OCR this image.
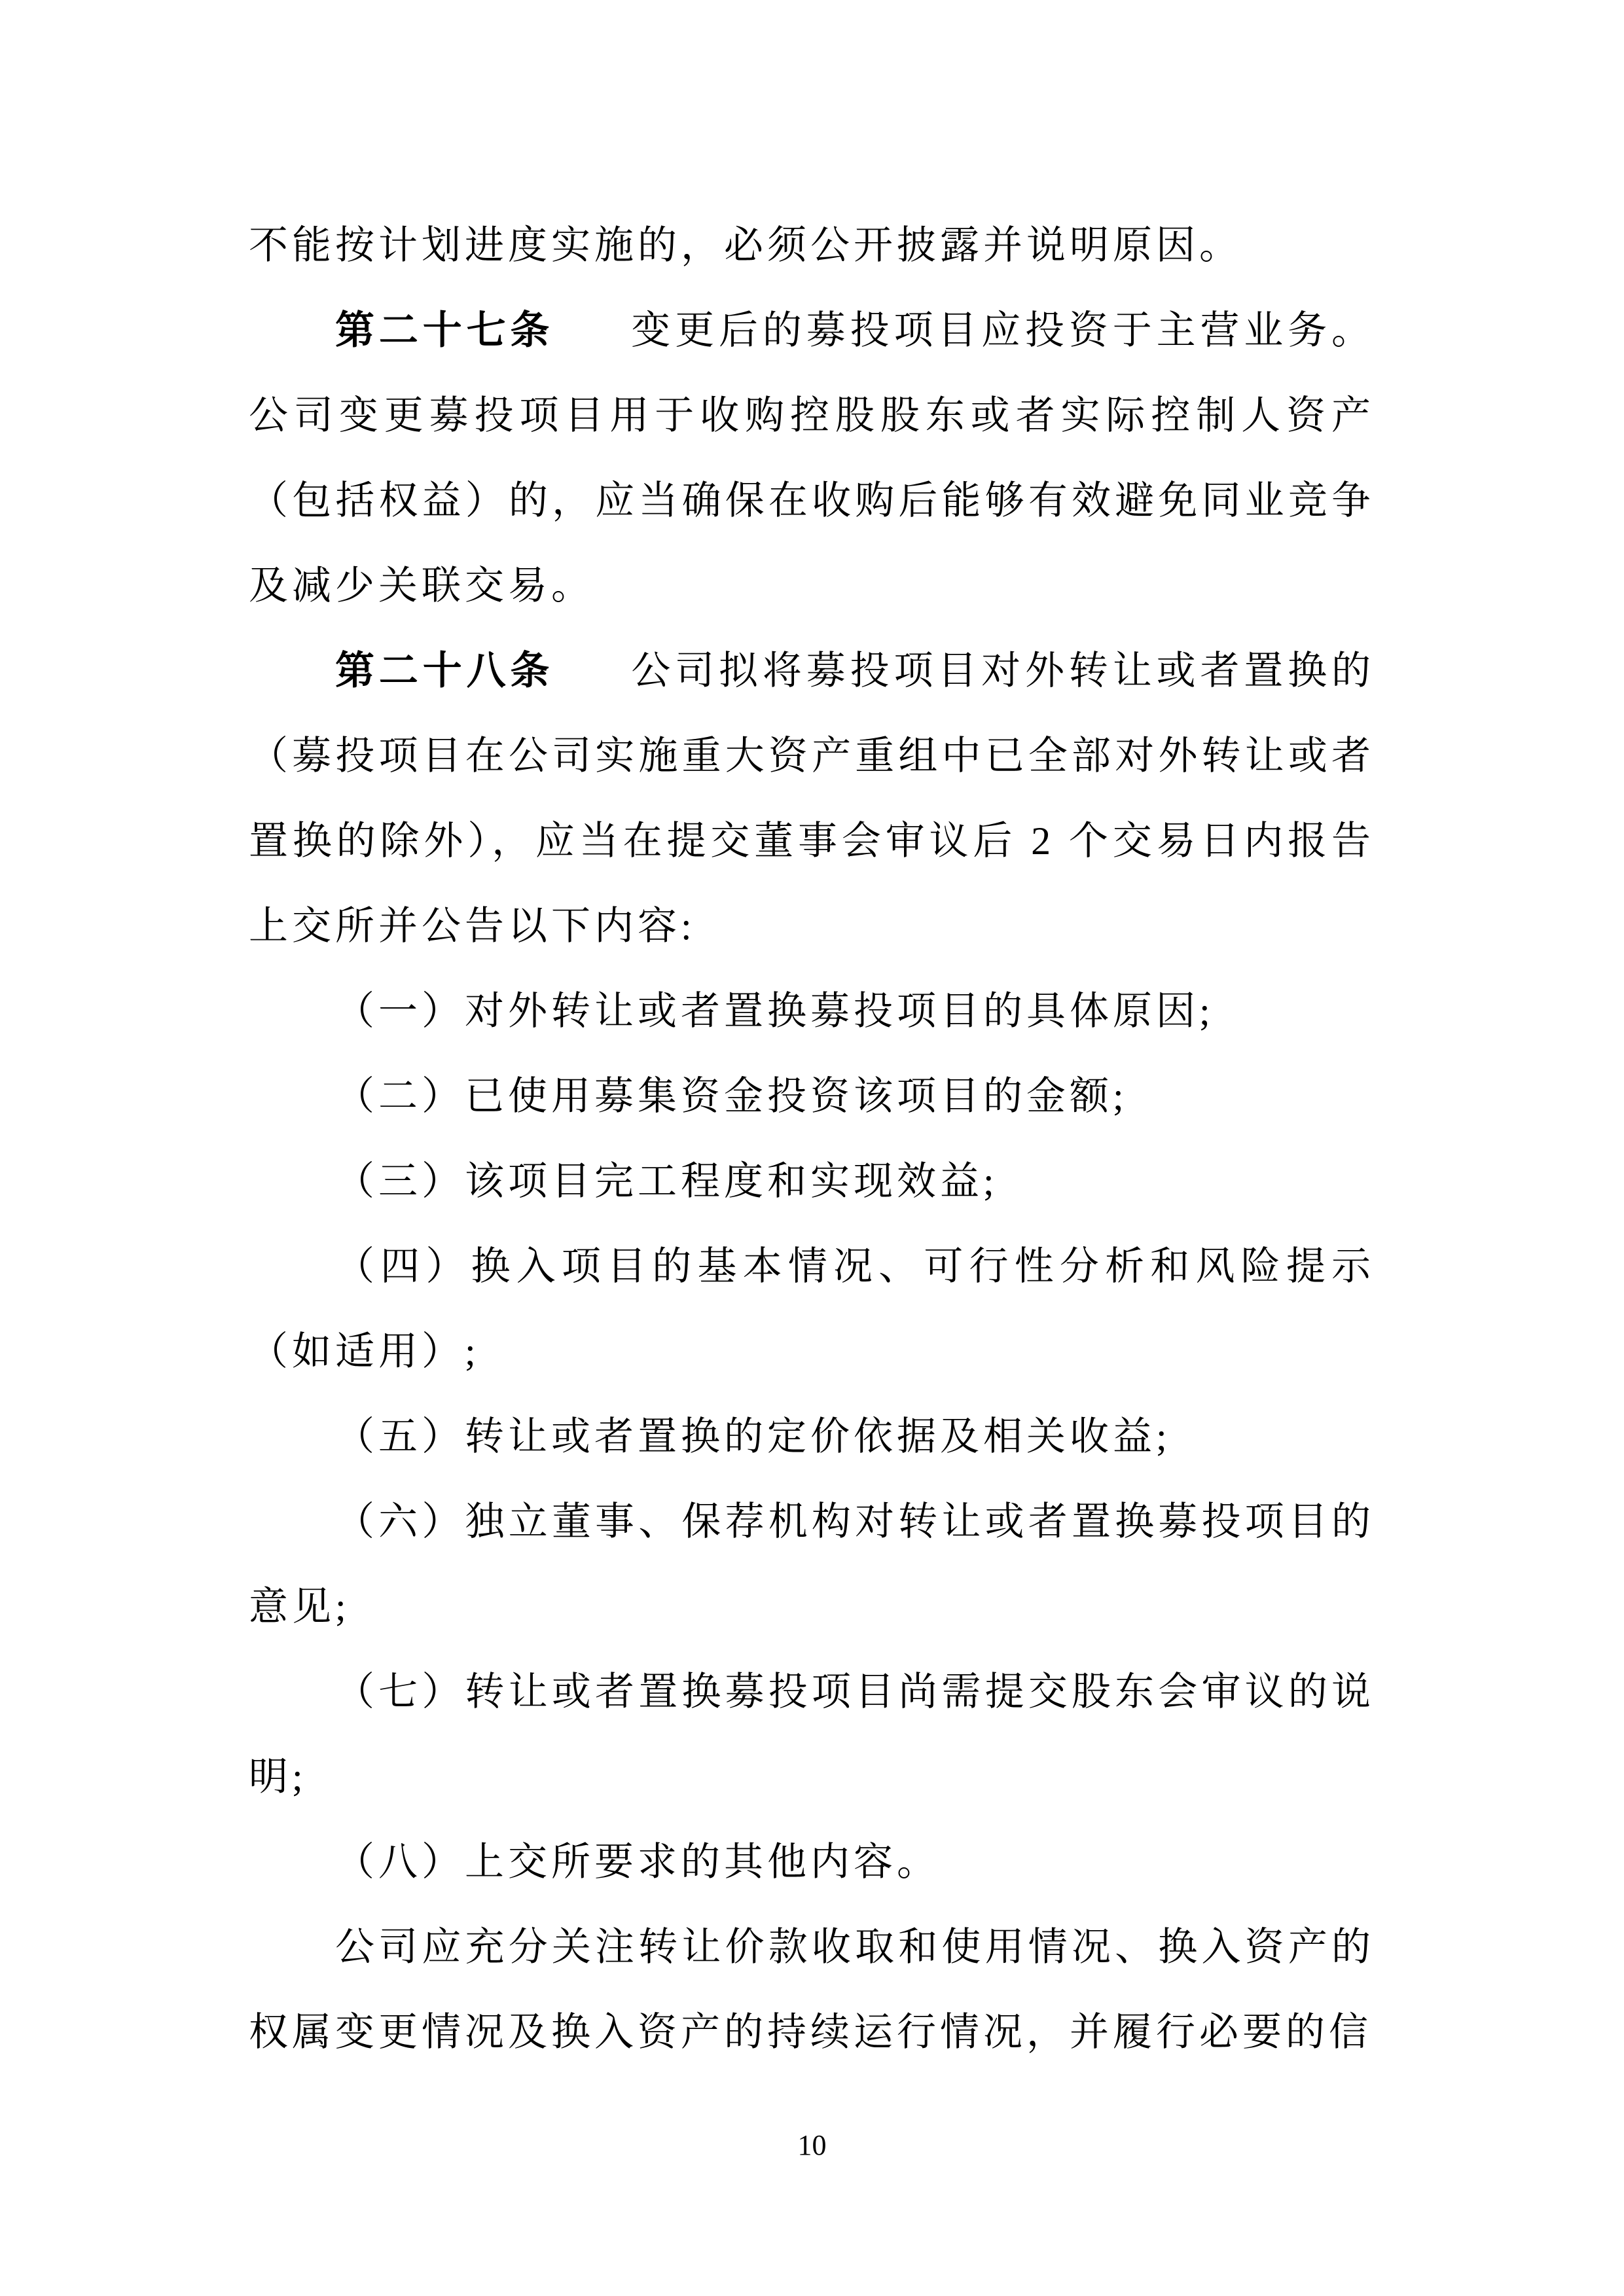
不能按计划进度实施的，必须公开披露并说明原因。

第二十七条 变更后的募投项目应投资于主营业务。公司变更募投项目用于收购控股股东或者实际控制人资产（包括权益）的，应当确保在收购后能够有效避免同业竞争及减少关联交易。

第二十八条 公司拟将募投项目对外转让或者置换的（募投项目在公司实施重大资产重组中已全部对外转让或者置换的除外），应当在提交董事会审议后 2 个交易日内报告上交所并公告以下内容:

（一）对外转让或者置换募投项目的具体原因;

（二）已使用募集资金投资该项目的金额;

（三）该项目完工程度和实现效益;

（四）换入项目的基本情况、可行性分析和风险提示（如适用）;

（五）转让或者置换的定价依据及相关收益;

（六）独立董事、保荐机构对转让或者置换募投项目的意见;

（七）转让或者置换募投项目尚需提交股东会审议的说明;

（八）上交所要求的其他内容。

公司应充分关注转让价款收取和使用情况、换入资产的权属变更情况及换入资产的持续运行情况，并履行必要的信

10
